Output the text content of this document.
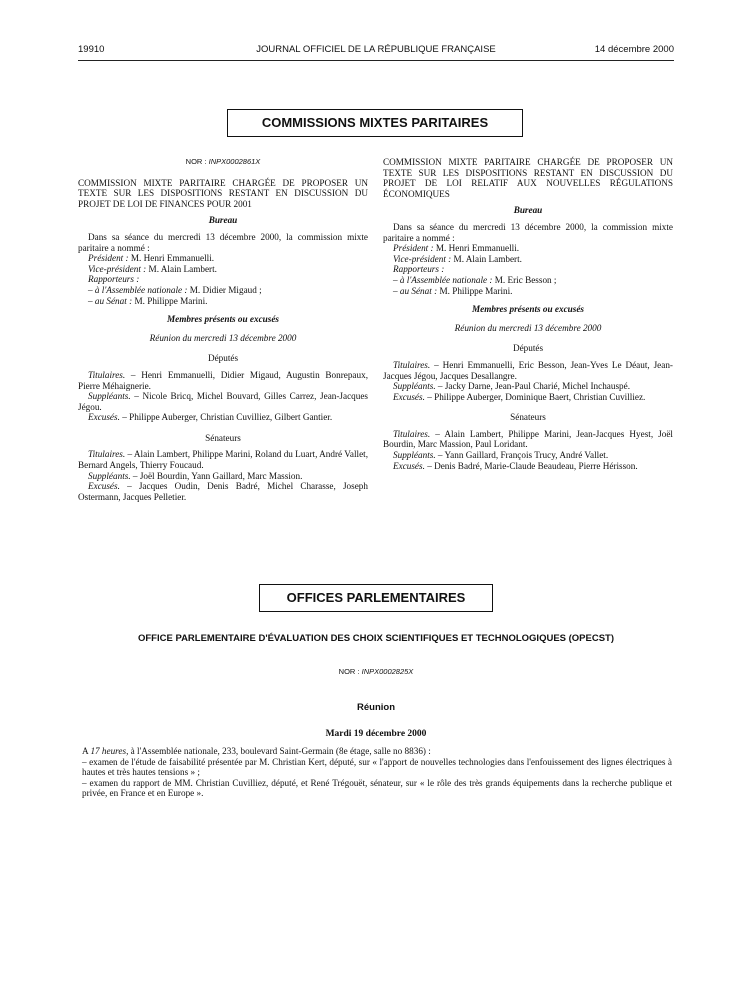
19910	JOURNAL OFFICIEL DE LA RÉPUBLIQUE FRANÇAISE	14 décembre 2000
COMMISSIONS MIXTES PARITAIRES

NOR : INPX0002861X

COMMISSION MIXTE PARITAIRE CHARGÉE DE PROPOSER UN TEXTE SUR LES DISPOSITIONS RESTANT EN DISCUSSION DU PROJET DE LOI DE FINANCES POUR 2001

Bureau

Dans sa séance du mercredi 13 décembre 2000, la commission mixte paritaire a nommé :

Président : M. Henri Emmanuelli.

Vice-président : M. Alain Lambert.

Rapporteurs :

– à l'Assemblée nationale : M. Didier Migaud ;

– au Sénat : M. Philippe Marini.

Membres présents ou excusés

Réunion du mercredi 13 décembre 2000

Députés

Titulaires. – Henri Emmanuelli, Didier Migaud, Augustin Bonrepaux, Pierre Méhaignerie.

Suppléants. – Nicole Bricq, Michel Bouvard, Gilles Carrez, Jean-Jacques Jégou.

Excusés. – Philippe Auberger, Christian Cuvilliez, Gilbert Gantier.

Sénateurs

Titulaires. – Alain Lambert, Philippe Marini, Roland du Luart, André Vallet, Bernard Angels, Thierry Foucaud.

Suppléants. – Joël Bourdin, Yann Gaillard, Marc Massion.

Excusés. – Jacques Oudin, Denis Badré, Michel Charasse, Joseph Ostermann, Jacques Pelletier.

COMMISSION MIXTE PARITAIRE CHARGÉE DE PROPOSER UN TEXTE SUR LES DISPOSITIONS RESTANT EN DISCUSSION DU PROJET DE LOI RELATIF AUX NOUVELLES RÉGULATIONS ÉCONOMIQUES

Bureau

Dans sa séance du mercredi 13 décembre 2000, la commission mixte paritaire a nommé :

Président : M. Henri Emmanuelli.

Vice-président : M. Alain Lambert.

Rapporteurs :

– à l'Assemblée nationale : M. Eric Besson ;

– au Sénat : M. Philippe Marini.

Membres présents ou excusés

Réunion du mercredi 13 décembre 2000

Députés

Titulaires. – Henri Emmanuelli, Eric Besson, Jean-Yves Le Déaut, Jean-Jacques Jégou, Jacques Desallangre.

Suppléants. – Jacky Darne, Jean-Paul Charié, Michel Inchauspé.

Excusés. – Philippe Auberger, Dominique Baert, Christian Cuvilliez.

Sénateurs

Titulaires. – Alain Lambert, Philippe Marini, Jean-Jacques Hyest, Joël Bourdin, Marc Massion, Paul Loridant.

Suppléants. – Yann Gaillard, François Trucy, André Vallet.

Excusés. – Denis Badré, Marie-Claude Beaudeau, Pierre Hérisson.

OFFICES PARLEMENTAIRES
OFFICE PARLEMENTAIRE D'ÉVALUATION DES CHOIX SCIENTIFIQUES ET TECHNOLOGIQUES (OPECST)
NOR : INPX0002825X
Réunion
Mardi 19 décembre 2000

A 17 heures, à l'Assemblée nationale, 233, boulevard Saint-Germain (8e étage, salle no 8836) :

– examen de l'étude de faisabilité présentée par M. Christian Kert, député, sur « l'apport de nouvelles technologies dans l'enfouissement des lignes électriques à hautes et très hautes tensions » ;

– examen du rapport de MM. Christian Cuvilliez, député, et René Trégouët, sénateur, sur « le rôle des très grands équipements dans la recherche publique et privée, en France et en Europe ».
